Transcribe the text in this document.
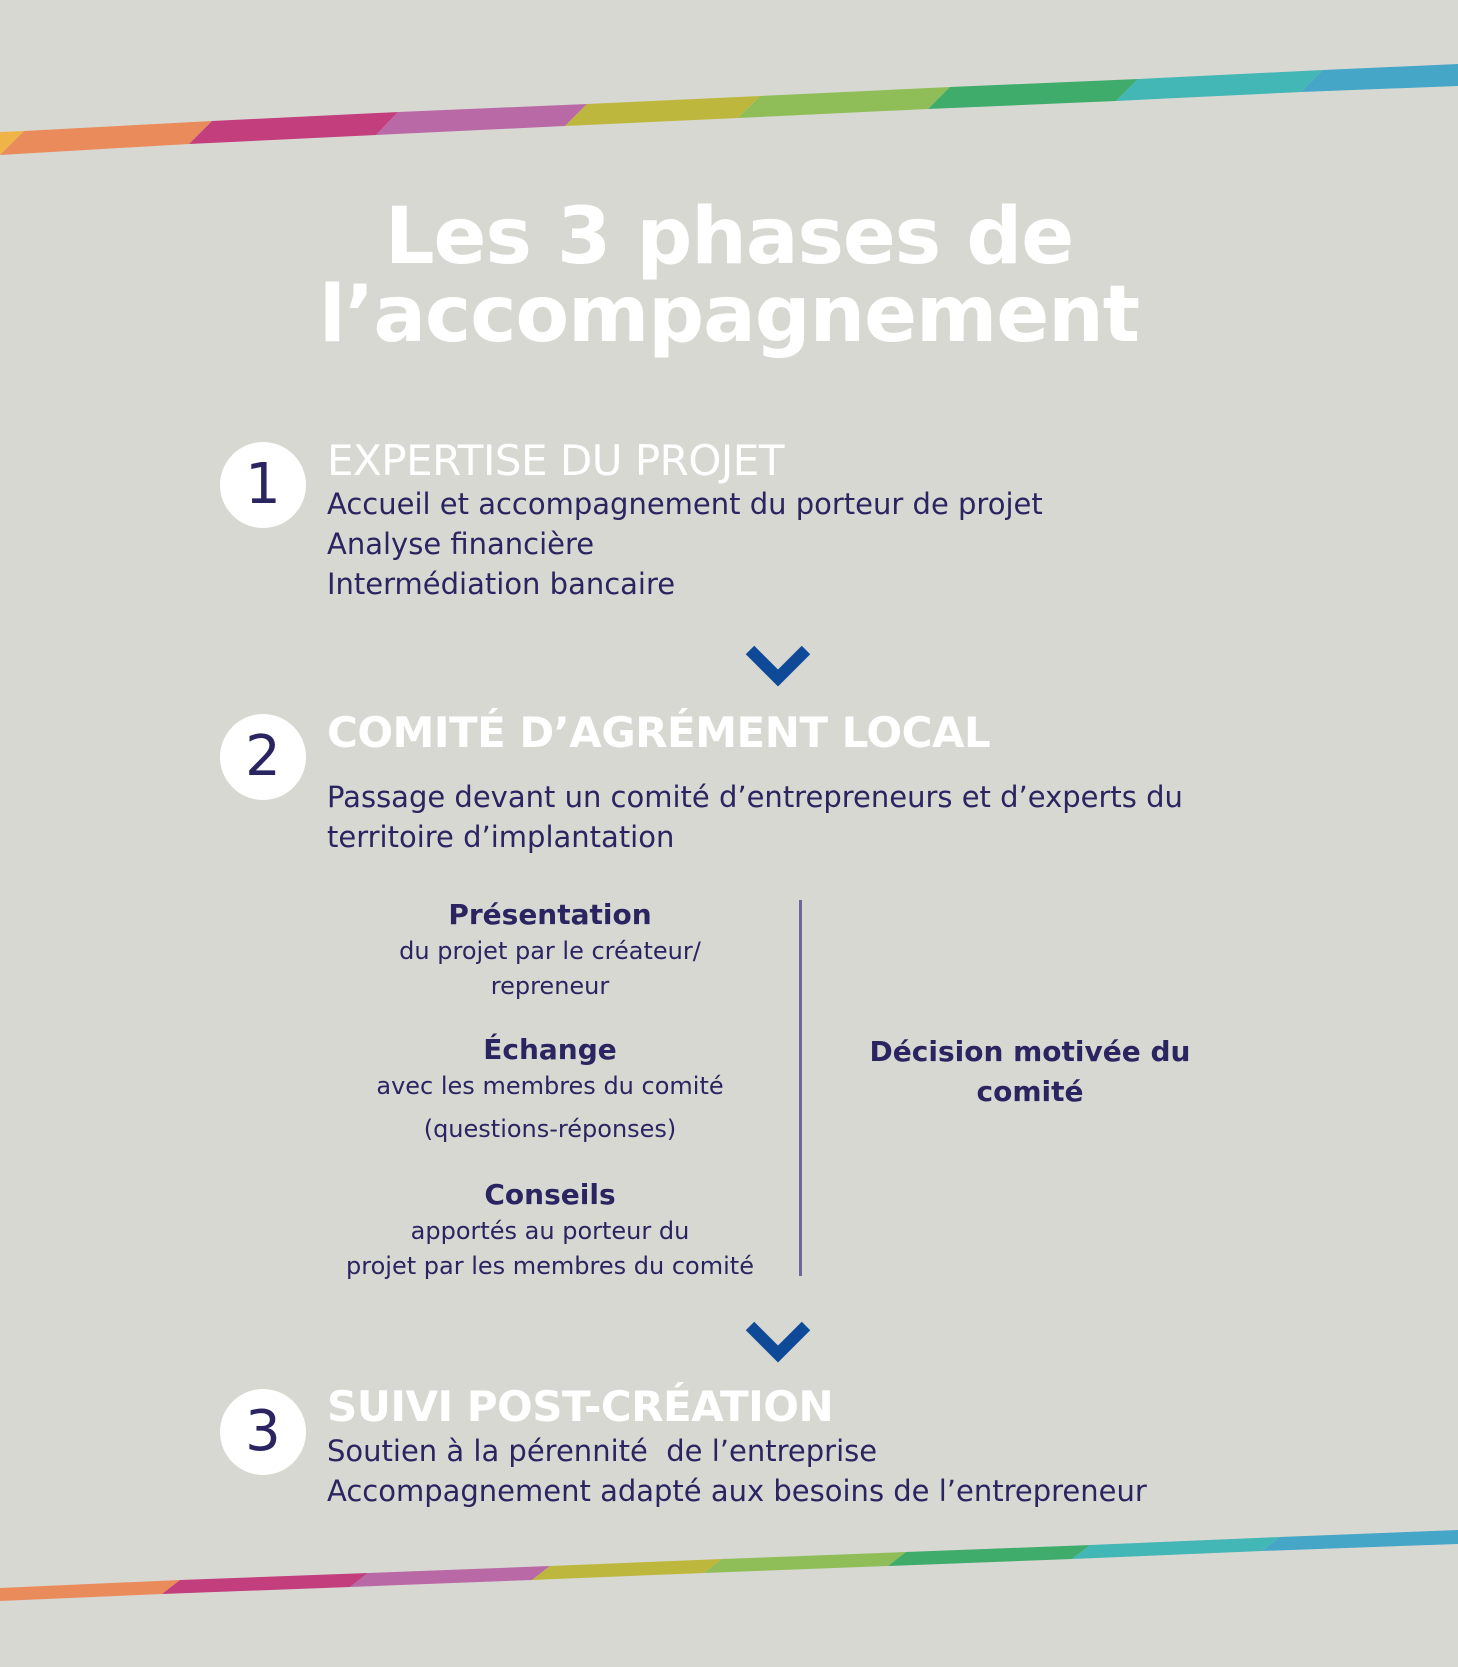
Les 3 phases de l’accompagnement
1	EXPERTISE DU PROJET
Accueil et accompagnement du porteur de projet
Analyse financière
Intermédiation bancaire
2	COMITÉ D’AGRÉMENT LOCAL
Passage devant un comité d’entrepreneurs et d’experts du
territoire d’implantation
Présentation
du projet par le créateur/
repreneur
Échange
avec les membres du comité
(questions-réponses)
Conseils
apportés au porteur du
projet par les membres du comité
Décision motivée du
comité
3	SUIVI POST-CRÉATION
Soutien à la pérennité  de l’entreprise
Accompagnement adapté aux besoins de l’entrepreneur
